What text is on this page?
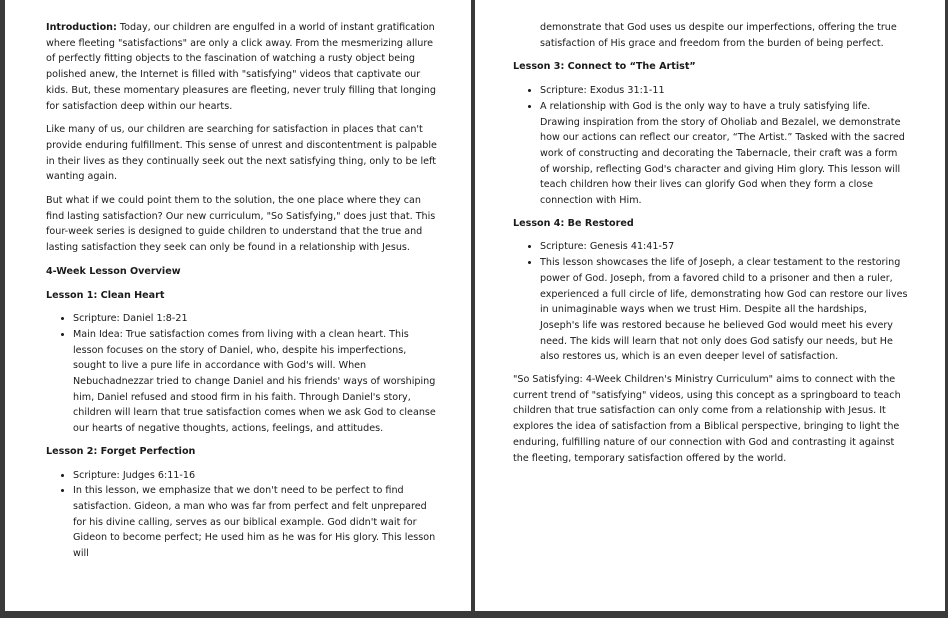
Introduction: Today, our children are engulfed in a world of instant gratification where fleeting "satisfactions" are only a click away. From the mesmerizing allure of perfectly fitting objects to the fascination of watching a rusty object being polished anew, the Internet is filled with "satisfying" videos that captivate our kids. But, these momentary pleasures are fleeting, never truly filling that longing for satisfaction deep within our hearts.

Like many of us, our children are searching for satisfaction in places that can't provide enduring fulfillment. This sense of unrest and discontentment is palpable in their lives as they continually seek out the next satisfying thing, only to be left wanting again.

But what if we could point them to the solution, the one place where they can find lasting satisfaction? Our new curriculum, "So Satisfying," does just that. This four-week series is designed to guide children to understand that the true and lasting satisfaction they seek can only be found in a relationship with Jesus.

4-Week Lesson Overview
Lesson 1: Clean Heart
• Scripture: Daniel 1:8-21
• Main Idea: True satisfaction comes from living with a clean heart. This lesson focuses on the story of Daniel, who, despite his imperfections, sought to live a pure life in accordance with God's will. When Nebuchadnezzar tried to change Daniel and his friends' ways of worshiping him, Daniel refused and stood firm in his faith. Through Daniel's story, children will learn that true satisfaction comes when we ask God to cleanse our hearts of negative thoughts, actions, feelings, and attitudes.
Lesson 2: Forget Perfection
• Scripture: Judges 6:11-16
• In this lesson, we emphasize that we don't need to be perfect to find satisfaction. Gideon, a man who was far from perfect and felt unprepared for his divine calling, serves as our biblical example. God didn't wait for Gideon to become perfect; He used him as he was for His glory. This lesson will
demonstrate that God uses us despite our imperfections, offering the true satisfaction of His grace and freedom from the burden of being perfect.
Lesson 3: Connect to “The Artist”
• Scripture: Exodus 31:1-11
• A relationship with God is the only way to have a truly satisfying life. Drawing inspiration from the story of Oholiab and Bezalel, we demonstrate how our actions can reflect our creator, “The Artist.” Tasked with the sacred work of constructing and decorating the Tabernacle, their craft was a form of worship, reflecting God's character and giving Him glory. This lesson will teach children how their lives can glorify God when they form a close connection with Him.
Lesson 4: Be Restored
• Scripture: Genesis 41:41-57
• This lesson showcases the life of Joseph, a clear testament to the restoring power of God. Joseph, from a favored child to a prisoner and then a ruler, experienced a full circle of life, demonstrating how God can restore our lives in unimaginable ways when we trust Him. Despite all the hardships, Joseph's life was restored because he believed God would meet his every need. The kids will learn that not only does God satisfy our needs, but He also restores us, which is an even deeper level of satisfaction.

"So Satisfying: 4-Week Children's Ministry Curriculum" aims to connect with the current trend of "satisfying" videos, using this concept as a springboard to teach children that true satisfaction can only come from a relationship with Jesus. It explores the idea of satisfaction from a Biblical perspective, bringing to light the enduring, fulfilling nature of our connection with God and contrasting it against the fleeting, temporary satisfaction offered by the world.
